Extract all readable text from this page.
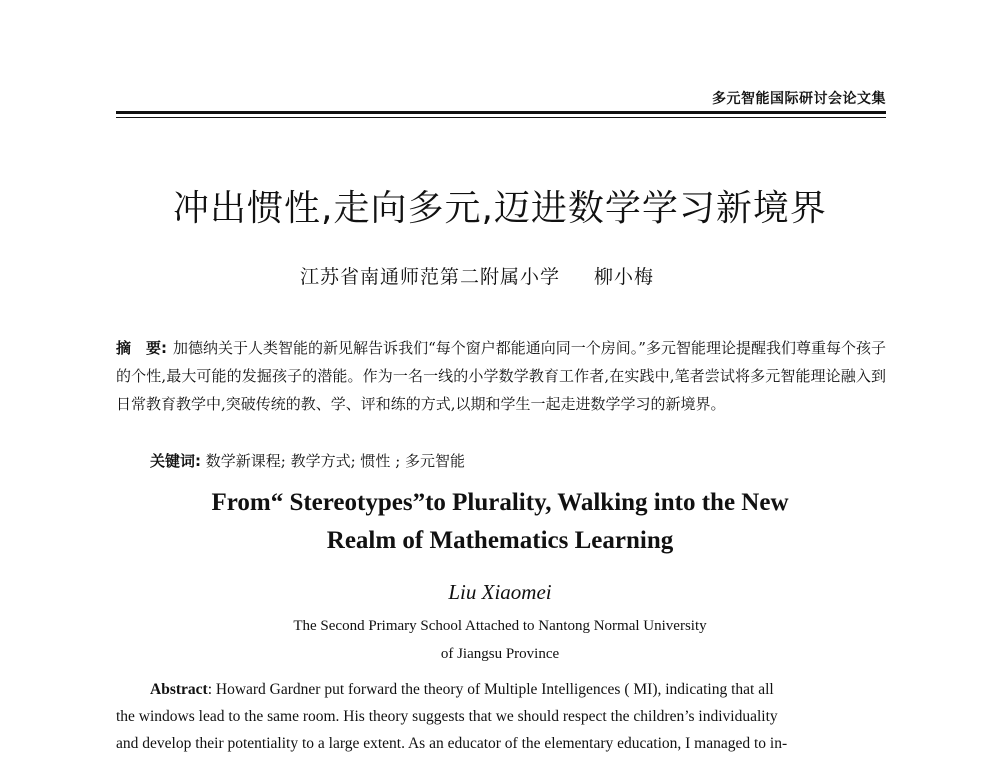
多元智能国际研讨会论文集
冲出惯性,走向多元,迈进数学学习新境界
江苏省南通师范第二附属小学 柳小梅
摘　要: 加德纳关于人类智能的新见解告诉我们“每个窗户都能通向同一个房间。”多元智能理论提醒我们尊重每个孩子的个性,最大可能的发掘孩子的潜能。作为一名一线的小学数学教育工作者,在实践中,笔者尝试将多元智能理论融入到日常教育教学中,突破传统的教、学、评和练的方式,以期和学生一起走进数学学习的新境界。
关键词: 数学新课程; 教学方式; 惯性 ; 多元智能
From“ Stereotypes”to Plurality, Walking into the New
Realm of Mathematics Learning
Liu Xiaomei
The Second Primary School Attached to Nantong Normal University
of Jiangsu Province
Abstract: Howard Gardner put forward the theory of Multiple Intelligences ( MI), indicating that all
the windows lead to the same room. His theory suggests that we should respect the children’s individuality
and develop their potentiality to a large extent. As an educator of the elementary education, I managed to in-
